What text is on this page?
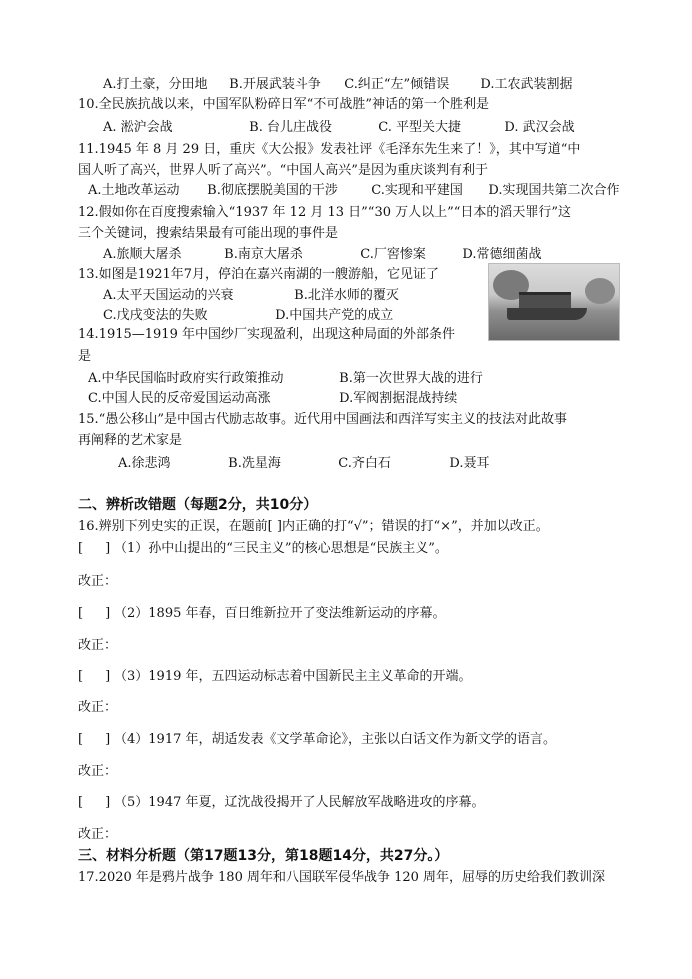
A.打土豪，分田地 B.开展武装斗争 C.纠正“左”倾错误 D.工农武装割据
10.全民族抗战以来，中国军队粉碎日军“不可战胜”神话的第一个胜利是
A. 淞沪会战	B. 台儿庄战役	C. 平型关大捷	D. 武汉会战
11.1945 年 8 月 29 日，重庆《大公报》发表社评《毛泽东先生来了！》，其中写道“中
国人听了高兴，世界人听了高兴”。“中国人高兴”是因为重庆谈判有利于
A.土地改革运动 B.彻底摆脱美国的干涉	C.实现和平建国 D.实现国共第二次合作
12.假如你在百度搜索输入“1937 年 12 月 13 日”“30 万人以上”“日本的滔天罪行”这
三个关键词，搜索结果最有可能出现的事件是
A.旅顺大屠杀	B.南京大屠杀	C.厂窖惨案	D.常德细菌战
13.如图是1921年7月，停泊在嘉兴南湖的一艘游船，它见证了
A.太平天国运动的兴衰	B.北洋水师的覆灭
C.戊戌变法的失败	D.中国共产党的成立
14.1915—1919 年中国纱厂实现盈利，出现这种局面的外部条件
是
A.中华民国临时政府实行政策推动	B.第一次世界大战的进行
C.中国人民的反帝爱国运动高涨	D.军阀割据混战持续
15.“愚公移山”是中国古代励志故事。近代用中国画法和西洋写实主义的技法对此故事
再阐释的艺术家是
A.徐悲鸿	B.冼星海	C.齐白石	D.聂耳
二、辨析改错题（每题2分，共10分）
16.辨别下列史实的正误，在题前[ ]内正确的打“√”；错误的打“×”，并加以改正。
[ ] （1）孙中山提出的“三民主义”的核心思想是“民族主义”。
改正：
[ ] （2）1895 年春，百日维新拉开了变法维新运动的序幕。
改正：
[ ] （3）1919 年，五四运动标志着中国新民主主义革命的开端。
改正：
[ ] （4）1917 年，胡适发表《文学革命论》，主张以白话文作为新文学的语言。
改正：
[ ] （5）1947 年夏，辽沈战役揭开了人民解放军战略进攻的序幕。
改正：
三、材料分析题（第17题13分，第18题14分，共27分。）
17.2020 年是鸦片战争 180 周年和八国联军侵华战争 120 周年，屈辱的历史给我们教训深
